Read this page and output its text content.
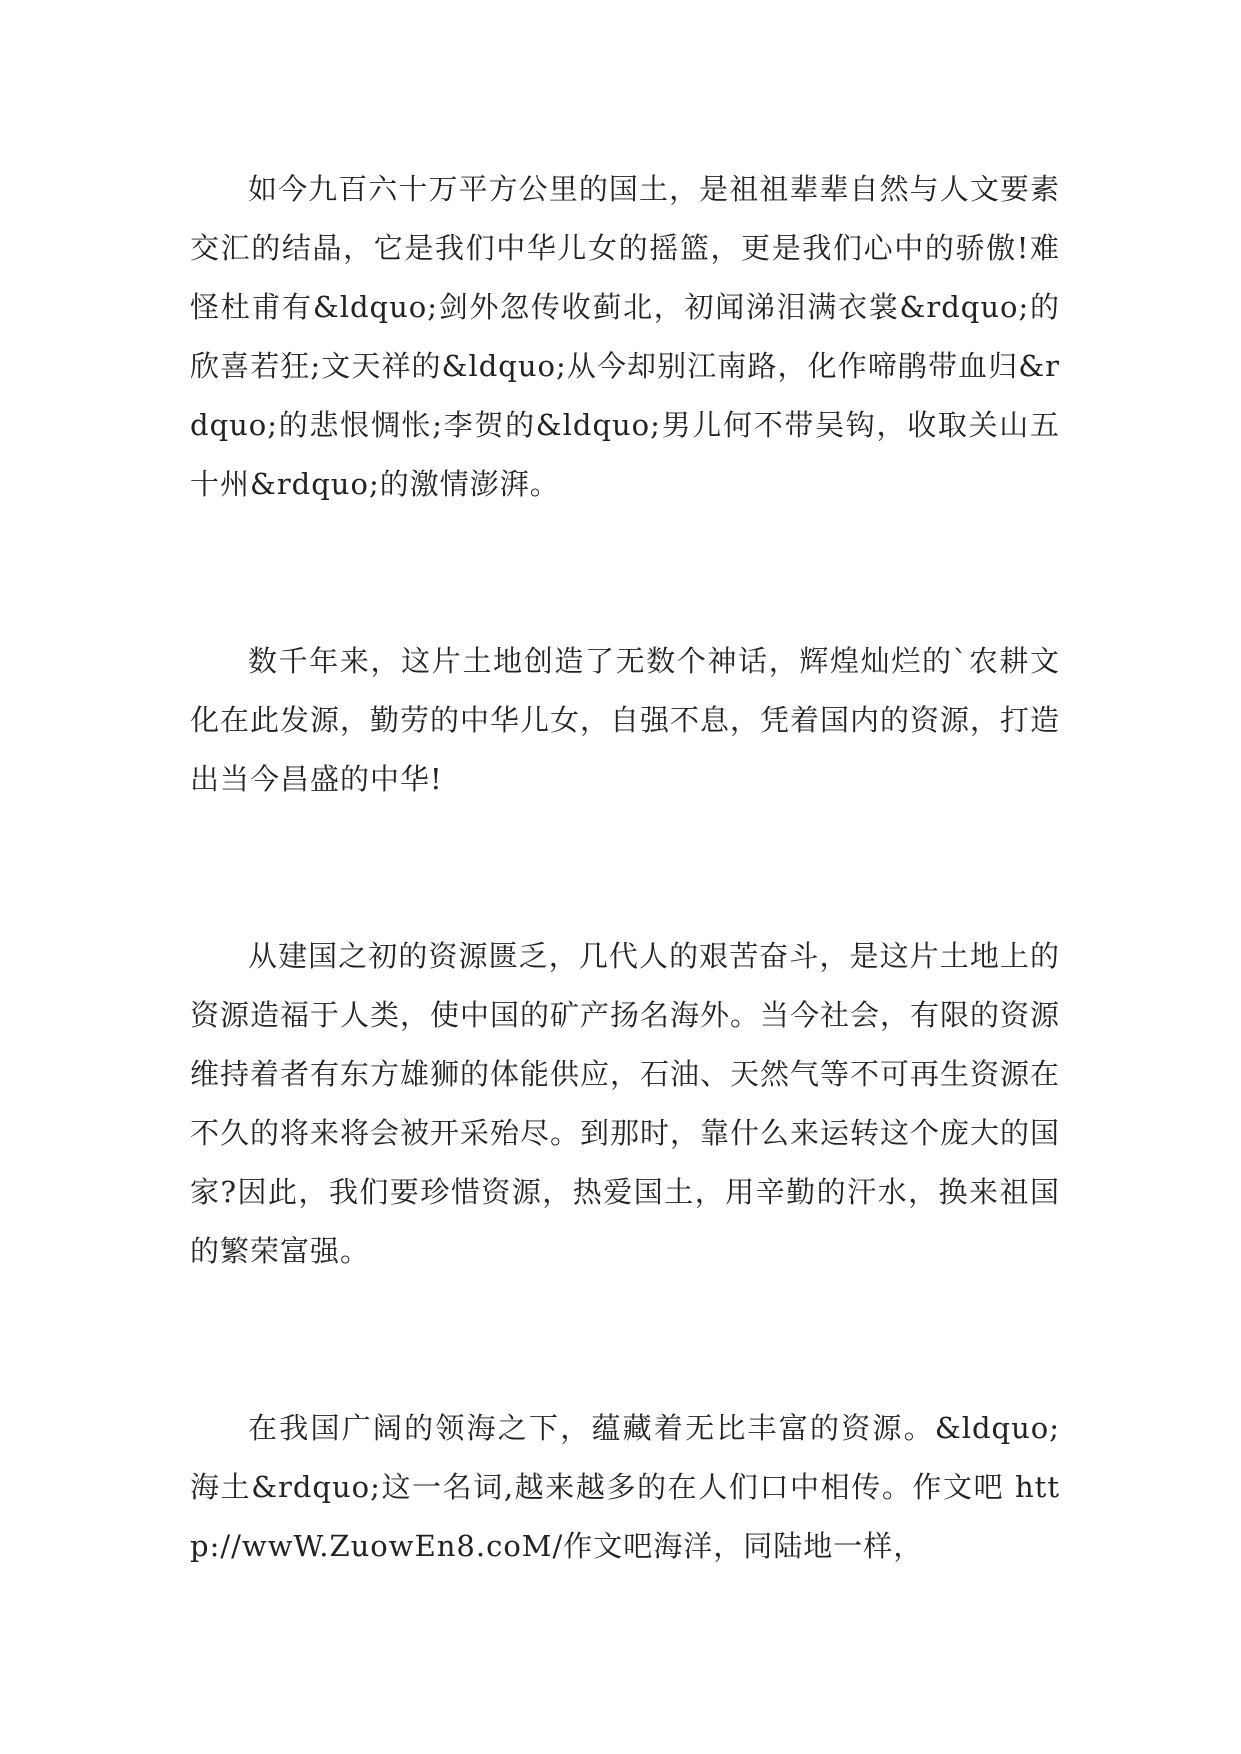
如今九百六十万平方公里的国土，是祖祖辈辈自然与人文要素交汇的结晶，它是我们中华儿女的摇篮，更是我们心中的骄傲!难怪杜甫有&ldquo;剑外忽传收蓟北，初闻涕泪满衣裳&rdquo;的欣喜若狂;文天祥的&ldquo;从今却别江南路，化作啼鹃带血归&rdquo;的悲恨惆怅;李贺的&ldquo;男儿何不带吴钩，收取关山五十州&rdquo;的激情澎湃。

数千年来，这片土地创造了无数个神话，辉煌灿烂的`农耕文化在此发源，勤劳的中华儿女，自强不息，凭着国内的资源，打造出当今昌盛的中华!

从建国之初的资源匮乏，几代人的艰苦奋斗，是这片土地上的资源造福于人类，使中国的矿产扬名海外。当今社会，有限的资源维持着者有东方雄狮的体能供应，石油、天然气等不可再生资源在不久的将来将会被开采殆尽。到那时，靠什么来运转这个庞大的国家?因此，我们要珍惜资源，热爱国土，用辛勤的汗水，换来祖国的繁荣富强。

在我国广阔的领海之下，蕴藏着无比丰富的资源。&ldquo;海土&rdquo;这一名词,越来越多的在人们口中相传。作文吧 http://wwW.ZuowEn8.coM/作文吧海洋，同陆地一样，
